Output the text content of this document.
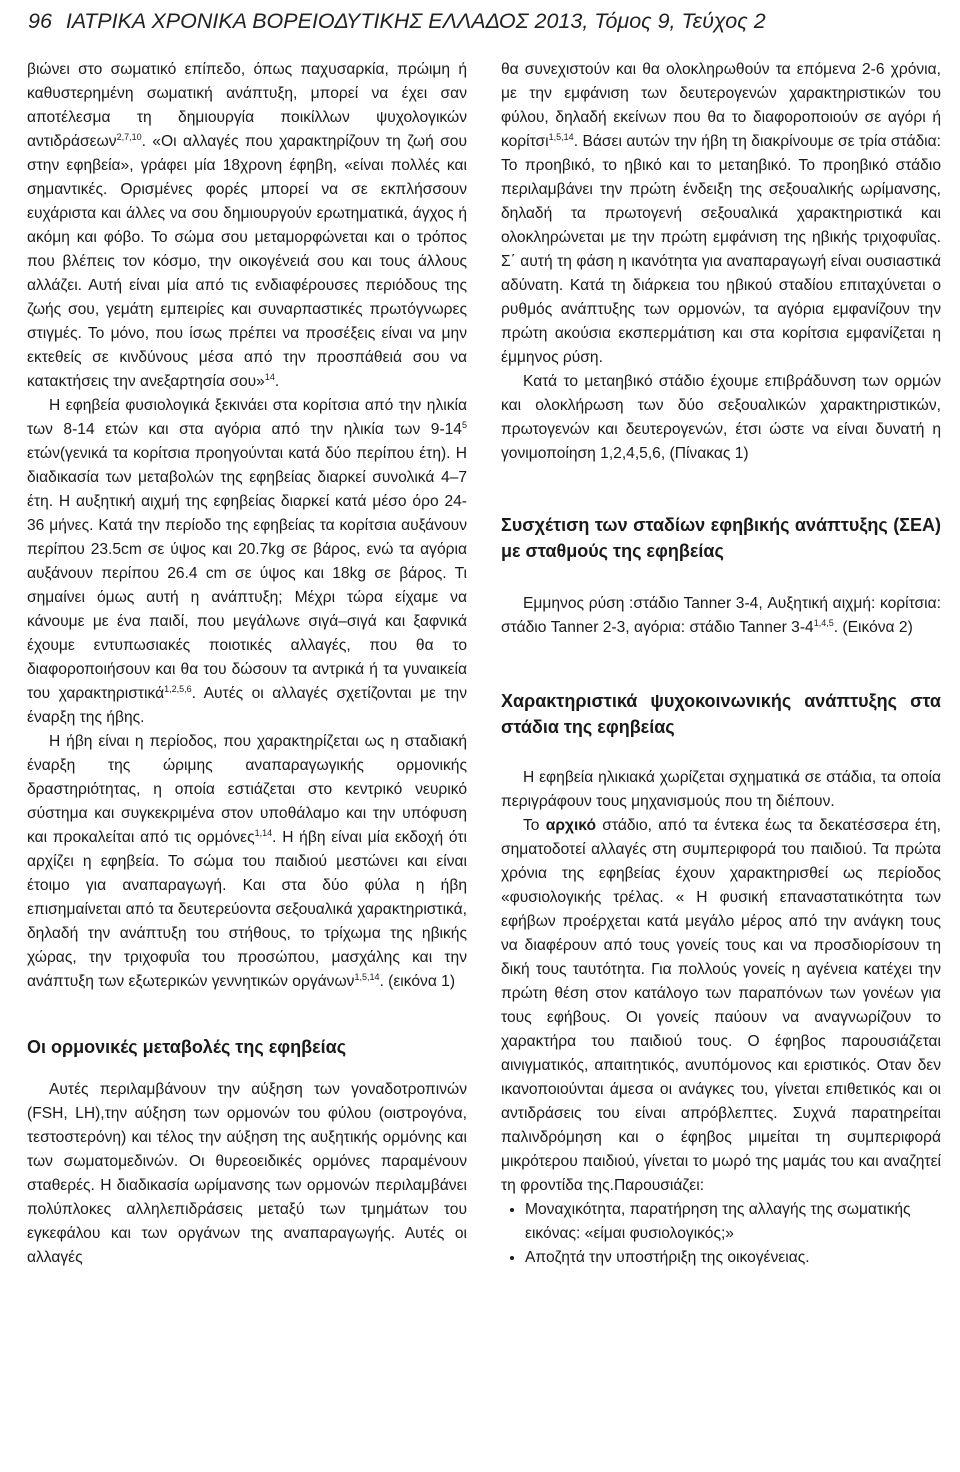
96 ΙΑΤΡΙΚΑ ΧΡΟΝΙΚΑ ΒΟΡΕΙΟΔΥΤΙΚΗΣ ΕΛΛΑΔΟΣ 2013, Τόμος 9, Τεύχος 2

βιώνει στο σωματικό επίπεδο, όπως παχυσαρκία, πρώιμη ή καθυστερημένη σωματική ανάπτυξη, μπορεί να έχει σαν αποτέλεσμα τη δημιουργία ποικίλλων ψυχολογικών αντιδράσεων$^{2,7,10}$. «Οι αλλαγές που χαρακτηρίζουν τη ζωή σου στην εφηβεία», γράφει μία 18χρονη έφηβη, «είναι πολλές και σημαντικές. Ορισμένες φορές μπορεί να σε εκπλήσσουν ευχάριστα και άλλες να σου δημιουργούν ερωτηματικά, άγχος ή ακόμη και φόβο. Το σώμα σου μεταμορφώνεται και ο τρόπος που βλέπεις τον κόσμο, την οικογένειά σου και τους άλλους αλλάζει. Αυτή είναι μία από τις ενδιαφέρουσες περιόδους της ζωής σου, γεμάτη εμπειρίες και συναρπαστικές πρωτόγνωρες στιγμές. Το μόνο, που ίσως πρέπει να προσέξεις είναι να μην εκτεθείς σε κινδύνους μέσα από την προσπάθειά σου να κατακτήσεις την ανεξαρτησία σου»$^{14}$.

Η εφηβεία φυσιολογικά ξεκινάει στα κορίτσια από την ηλικία των 8-14 ετών και στα αγόρια από την ηλικία των $9-14^5$ ετών(γενικά τα κορίτσια προηγούνται κατά δύο περίπου έτη). Η διαδικασία των μεταβολών της εφηβείας διαρκεί συνολικά 4–7 έτη. Η αυξητική αιχμή της εφηβείας διαρκεί κατά μέσο όρο 24-36 μήνες. Κατά την περίοδο της εφηβείας τα κορίτσια αυξάνουν περίπου 23.5cm σε ύψος και 20.7kg σε βάρος, ενώ τα αγόρια αυξάνουν περίπου 26.4 cm σε ύψος και 18kg σε βάρος. Τι σημαίνει όμως αυτή η ανάπτυξη; Μέχρι τώρα είχαμε να κάνουμε με ένα παιδί, που μεγάλωνε σιγά–σιγά και ξαφνικά έχουμε εντυπωσιακές ποιοτικές αλλαγές, που θα το διαφοροποιήσουν και θα του δώσουν τα αντρικά ή τα γυναικεία του χαρακτηριστικά$^{1,2,5,6}$. Αυτές οι αλλαγές σχετίζονται με την έναρξη της ήβης.

Η ήβη είναι η περίοδος, που χαρακτηρίζεται ως η σταδιακή έναρξη της ώριμης αναπαραγωγικής ορμονικής δραστηριότητας, η οποία εστιάζεται στο κεντρικό νευρικό σύστημα και συγκεκριμένα στον υποθάλαμο και την υπόφυση και προκαλείται από τις ορμόνες$^{1,14}$. Η ήβη είναι μία εκδοχή ότι αρχίζει η εφηβεία. Το σώμα του παιδιού μεστώνει και είναι έτοιμο για αναπαραγωγή. Και στα δύο φύλα η ήβη επισημαίνεται από τα δευτερεύοντα σεξουαλικά χαρακτηριστικά, δηλαδή την ανάπτυξη του στήθους, το τρίχωμα της ηβικής χώρας, την τριχοφυΐα του προσώπου, μασχάλης και την ανάπτυξη των εξωτερικών γεννητικών οργάνων$^{1,5,14}$. (εικόνα 1)

Οι ορμονικές μεταβολές της εφηβείας

Αυτές περιλαμβάνουν την αύξηση των γοναδοτροπινών (FSH, LH),την αύξηση των ορμονών του φύλου (οιστρογόνα, τεστοστερόνη) και τέλος την αύξηση της αυξητικής ορμόνης και των σωματομεδινών. Οι θυρεοειδικές ορμόνες παραμένουν σταθερές. Η διαδικασία ωρίμανσης των ορμονών περιλαμβάνει πολύπλοκες αλληλεπιδράσεις μεταξύ των τμημάτων του εγκεφάλου και των οργάνων της αναπαραγωγής. Αυτές οι αλλαγές

θα συνεχιστούν και θα ολοκληρωθούν τα επόμενα 2-6 χρόνια, με την εμφάνιση των δευτερογενών χαρακτηριστικών του φύλου, δηλαδή εκείνων που θα το διαφοροποιούν σε αγόρι ή κορίτσι$^{1,5,14}$. Βάσει αυτών την ήβη τη διακρίνουμε σε τρία στάδια: Το προηβικό, το ηβικό και το μεταηβικό. Το προηβικό στάδιο περιλαμβάνει την πρώτη ένδειξη της σεξουαλικής ωρίμανσης, δηλαδή τα πρωτογενή σεξουαλικά χαρακτηριστικά και ολοκληρώνεται με την πρώτη εμφάνιση της ηβικής τριχοφυΐας. Σ΄ αυτή τη φάση η ικανότητα για αναπαραγωγή είναι ουσιαστικά αδύνατη. Κατά τη διάρκεια του ηβικού σταδίου επιταχύνεται ο ρυθμός ανάπτυξης των ορμονών, τα αγόρια εμφανίζουν την πρώτη ακούσια εκσπερμάτιση και στα κορίτσια εμφανίζεται η έμμηνος ρύση.

Κατά το μεταηβικό στάδιο έχουμε επιβράδυνση των ορμών και ολοκλήρωση των δύο σεξουαλικών χαρακτηριστικών, πρωτογενών και δευτερογενών, έτσι ώστε να είναι δυνατή η γονιμοποίηση 1,2,4,5,6, (Πίνακας 1)

Συσχέτιση των σταδίων εφηβικής ανάπτυξης (ΣΕΑ) με σταθμούς της εφηβείας

Εμμηνος ρύση :στάδιο Tanner 3-4, Αυξητική αιχμή: κορίτσια: στάδιο Tanner 2-3, αγόρια: στάδιο Tanner 3-4$^{1,4,5}$. (Εικόνα 2)

Χαρακτηριστικά ψυχοκοινωνικής ανάπτυξης στα στάδια της εφηβείας

Η εφηβεία ηλικιακά χωρίζεται σχηματικά σε στάδια, τα οποία περιγράφουν τους μηχανισμούς που τη διέπουν.

Το αρχικό στάδιο, από τα έντεκα έως τα δεκατέσσερα έτη, σηματοδοτεί αλλαγές στη συμπεριφορά του παιδιού. Τα πρώτα χρόνια της εφηβείας έχουν χαρακτηρισθεί ως περίοδος «φυσιολογικής τρέλας. « Η φυσική επαναστατικότητα των εφήβων προέρχεται κατά μεγάλο μέρος από την ανάγκη τους να διαφέρουν από τους γονείς τους και να προσδιορίσουν τη δική τους ταυτότητα. Για πολλούς γονείς η αγένεια κατέχει την πρώτη θέση στον κατάλογο των παραπόνων των γονέων για τους εφήβους. Οι γονείς παύουν να αναγνωρίζουν το χαρακτήρα του παιδιού τους. Ο έφηβος παρουσιάζεται αινιγματικός, απαιτητικός, ανυπόμονος και εριστικός. Οταν δεν ικανοποιούνται άμεσα οι ανάγκες του, γίνεται επιθετικός και οι αντιδράσεις του είναι απρόβλεπτες. Συχνά παρατηρείται παλινδρόμηση και ο έφηβος μιμείται τη συμπεριφορά μικρότερου παιδιού, γίνεται το μωρό της μαμάς του και αναζητεί τη φροντίδα της.Παρουσιάζει:

• Μοναχικότητα, παρατήρηση της αλλαγής της σωματικής εικόνας: «είμαι φυσιολογικός;»
• Αποζητά την υποστήριξη της οικογένειας.
